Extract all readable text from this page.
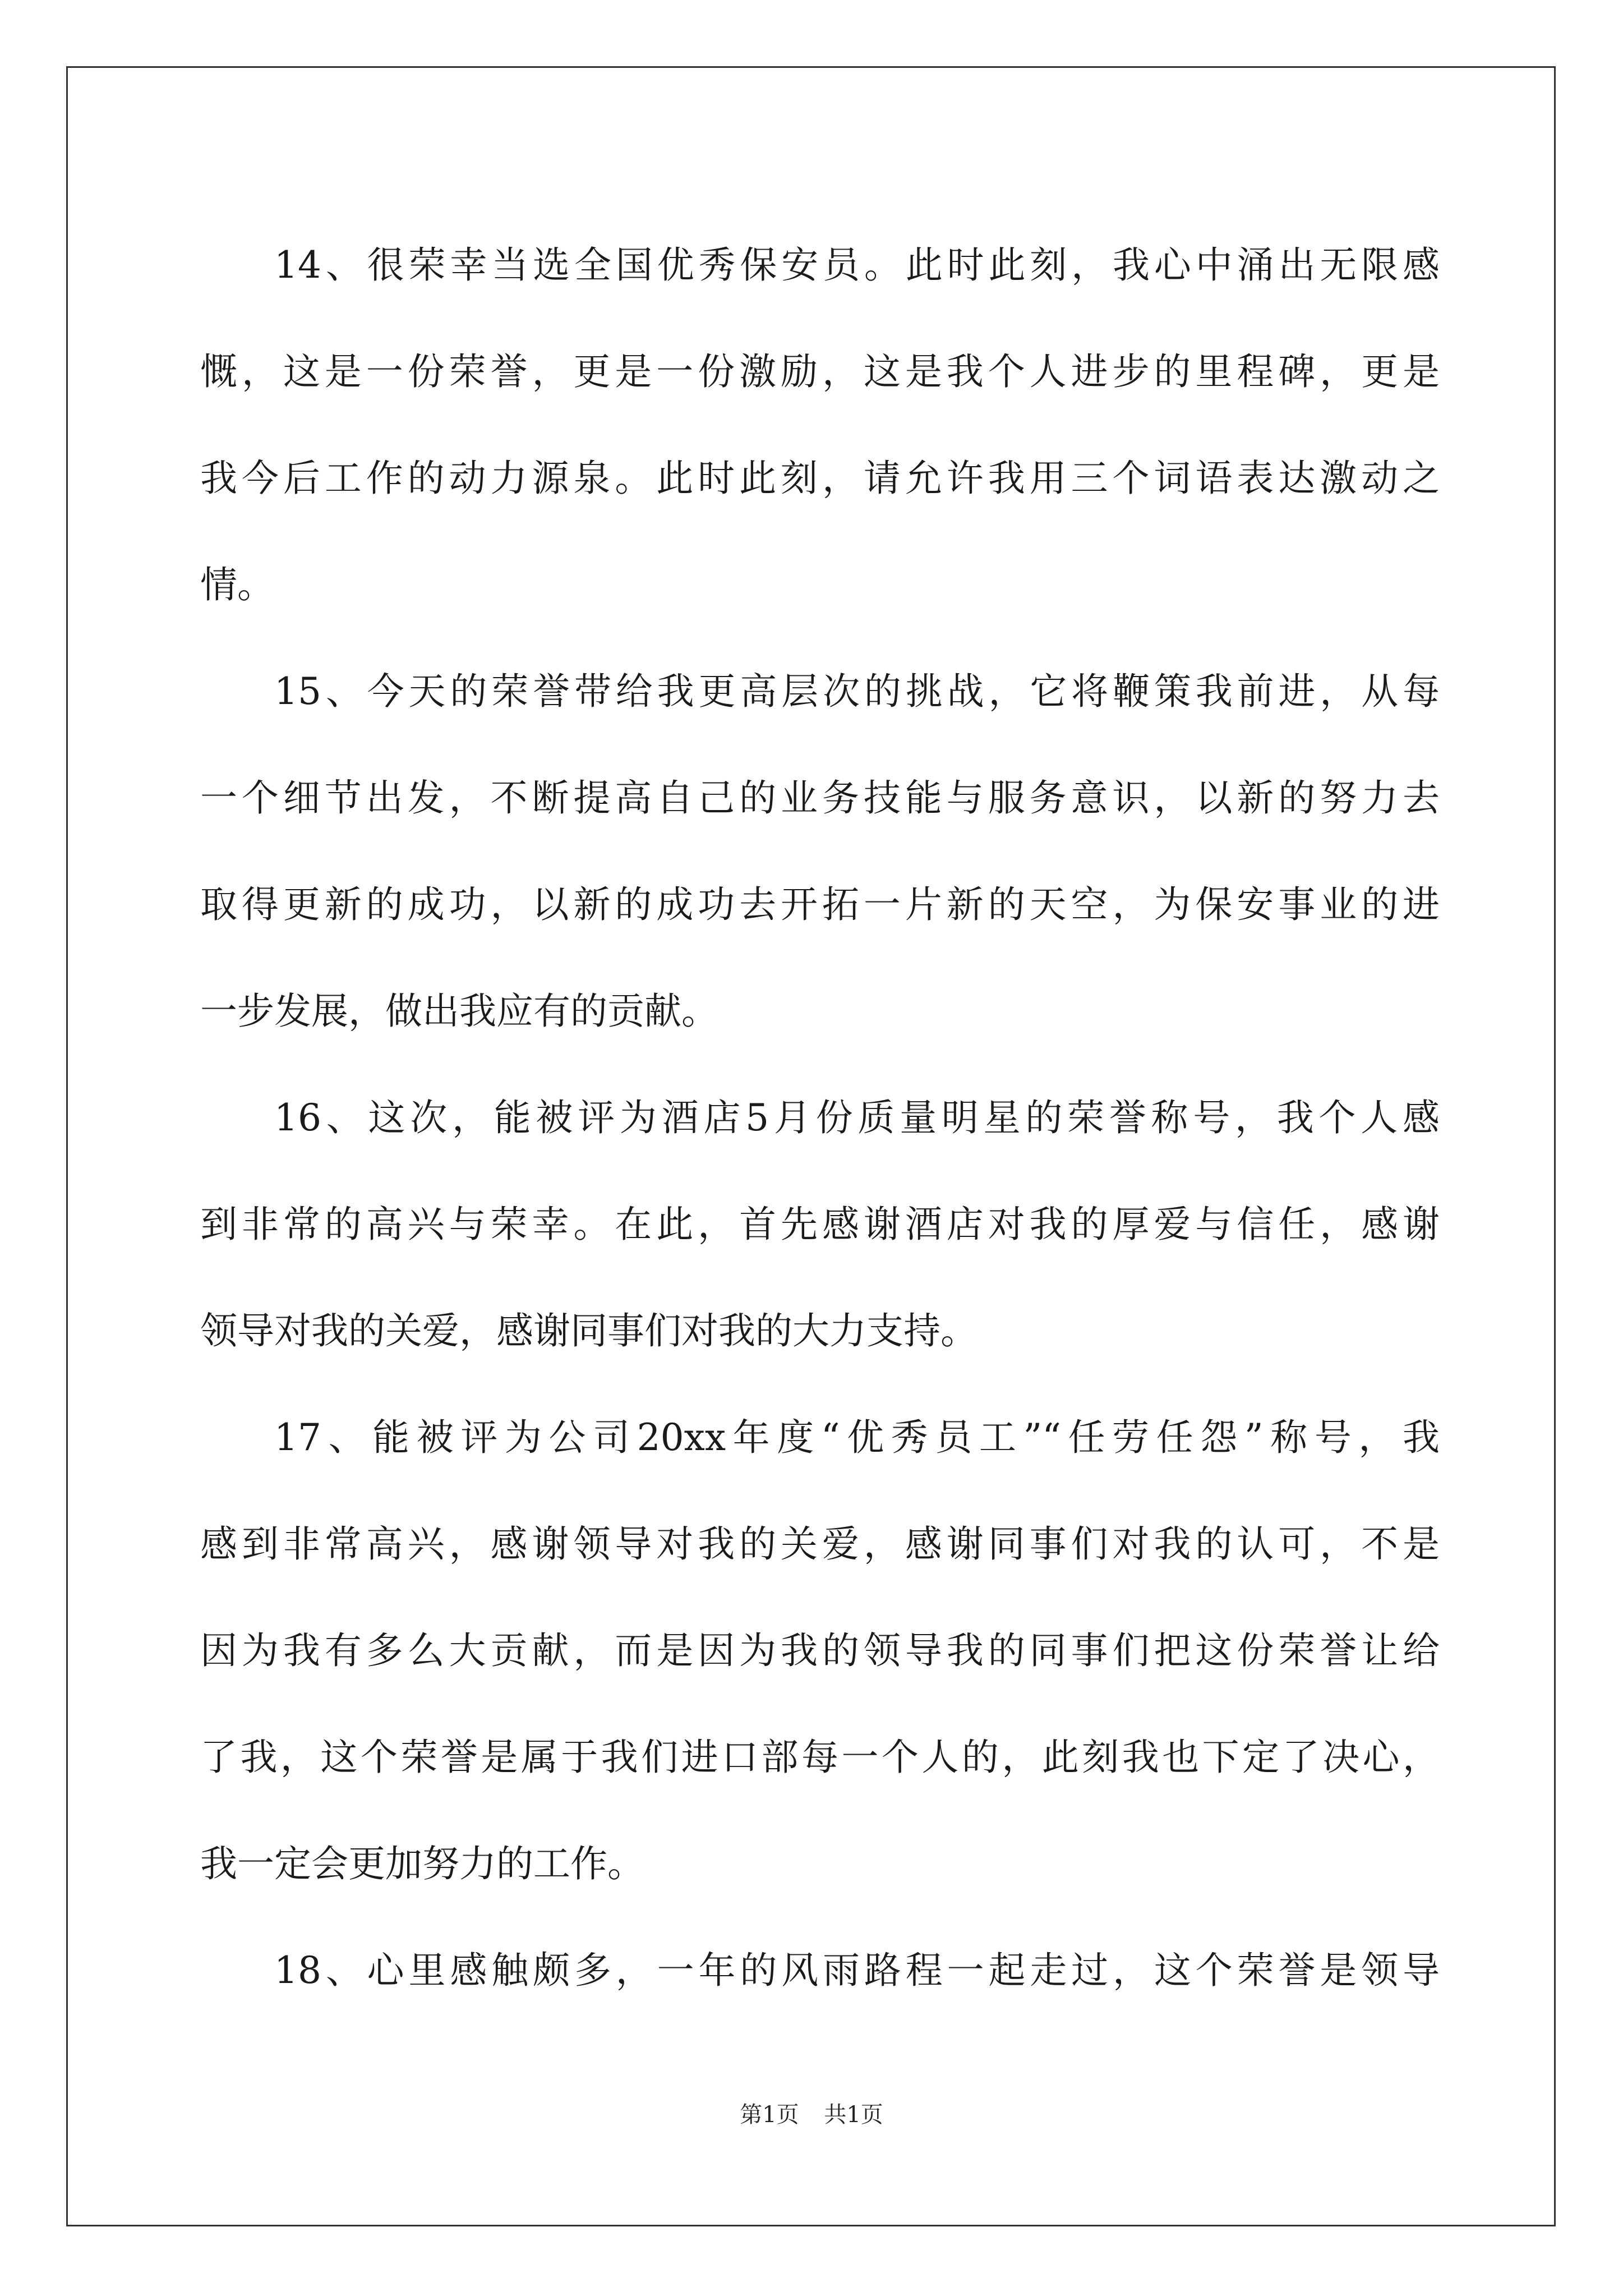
14、很荣幸当选全国优秀保安员。此时此刻，我心中涌出无限感
慨，这是一份荣誉，更是一份激励，这是我个人进步的里程碑，更是
我今后工作的动力源泉。此时此刻，请允许我用三个词语表达激动之
情。
15、今天的荣誉带给我更高层次的挑战，它将鞭策我前进，从每
一个细节出发，不断提高自己的业务技能与服务意识，以新的努力去
取得更新的成功，以新的成功去开拓一片新的天空，为保安事业的进
一步发展，做出我应有的贡献。
16、这次，能被评为酒店5月份质量明星的荣誉称号，我个人感
到非常的高兴与荣幸。在此，首先感谢酒店对我的厚爱与信任，感谢
领导对我的关爱，感谢同事们对我的大力支持。
17、能被评为公司20xx年度“优秀员工”“任劳任怨”称号，我
感到非常高兴，感谢领导对我的关爱，感谢同事们对我的认可，不是
因为我有多么大贡献，而是因为我的领导我的同事们把这份荣誉让给
了我，这个荣誉是属于我们进口部每一个人的，此刻我也下定了决心，
我一定会更加努力的工作。
18、心里感触颇多，一年的风雨路程一起走过，这个荣誉是领导
第1页 共1页
